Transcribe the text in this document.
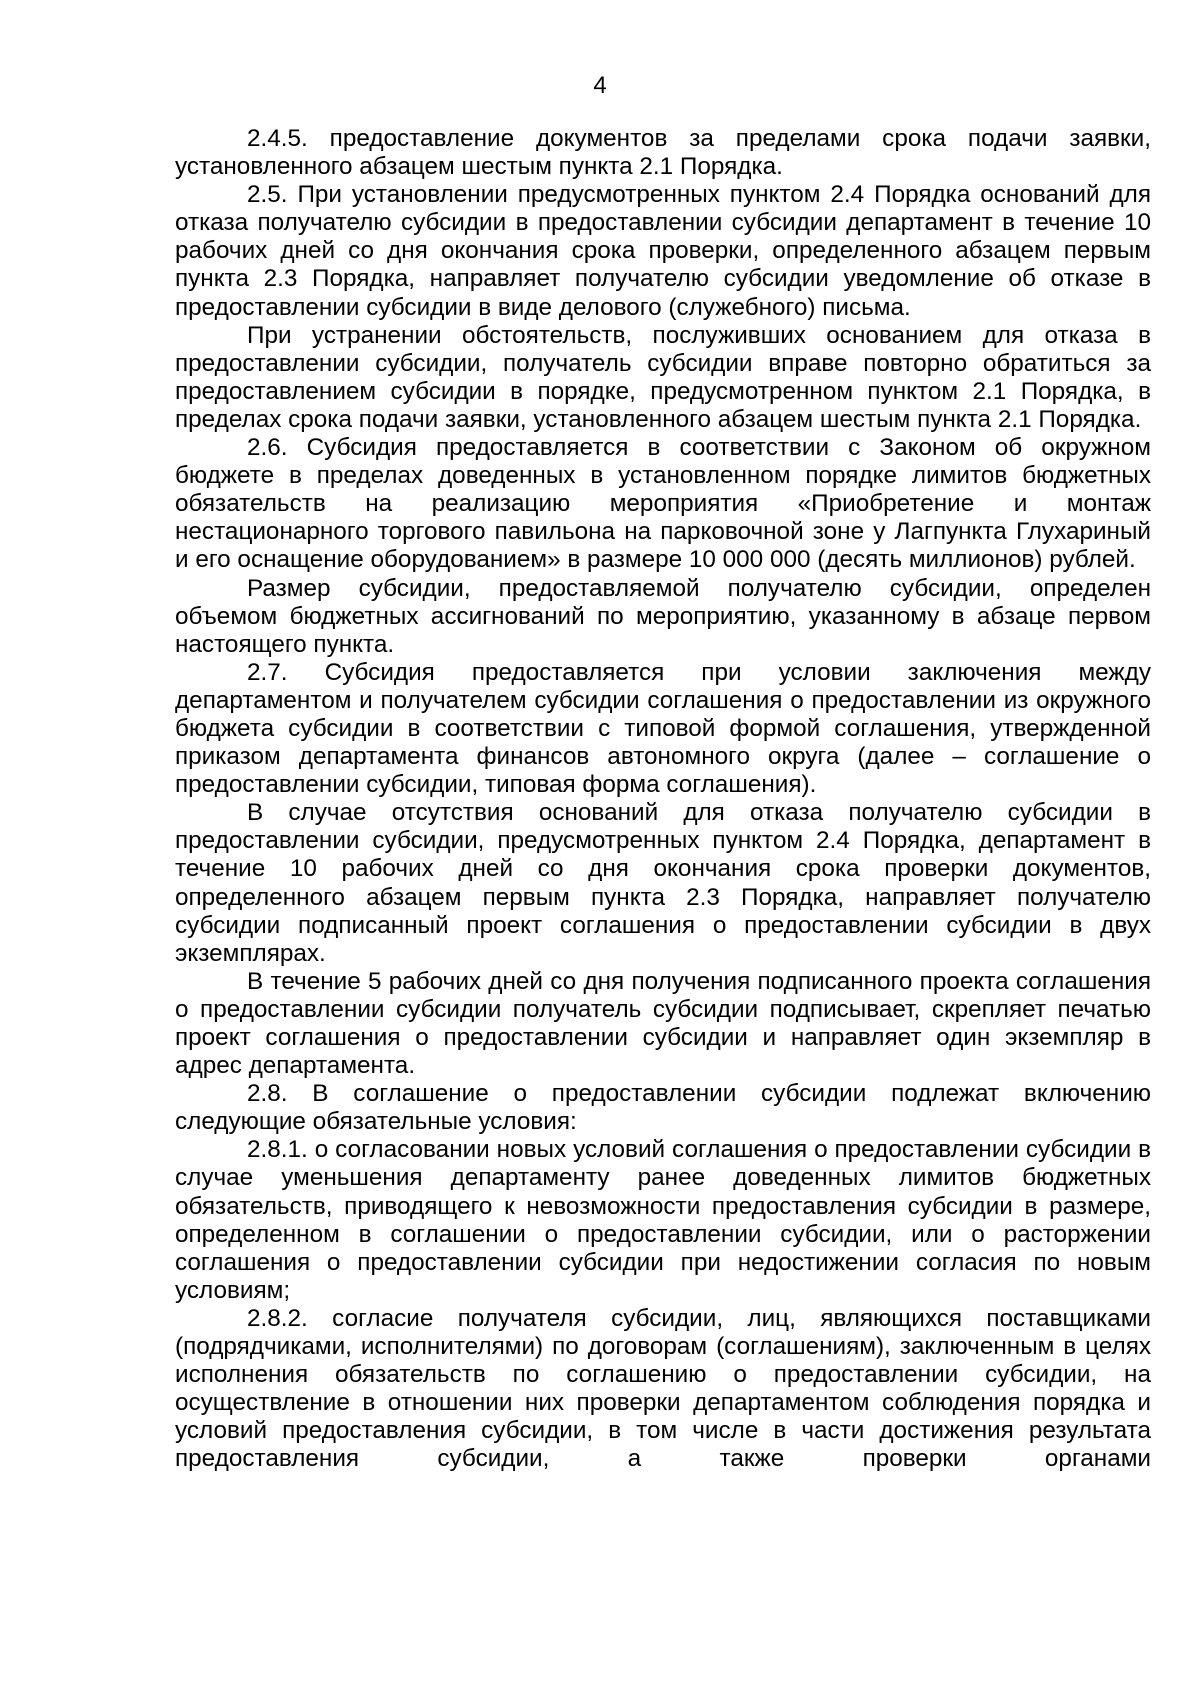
4

2.4.5. предоставление документов за пределами срока подачи заявки, установленного абзацем шестым пункта 2.1 Порядка.

2.5. При установлении предусмотренных пунктом 2.4 Порядка оснований для отказа получателю субсидии в предоставлении субсидии департамент в течение 10 рабочих дней со дня окончания срока проверки, определенного абзацем первым пункта 2.3 Порядка, направляет получателю субсидии уведомление об отказе в предоставлении субсидии в виде делового (служебного) письма.

При устранении обстоятельств, послуживших основанием для отказа в предоставлении субсидии, получатель субсидии вправе повторно обратиться за предоставлением субсидии в порядке, предусмотренном пунктом 2.1 Порядка, в пределах срока подачи заявки, установленного абзацем шестым пункта 2.1 Порядка.

2.6. Субсидия предоставляется в соответствии с Законом об окружном бюджете в пределах доведенных в установленном порядке лимитов бюджетных обязательств на реализацию мероприятия «Приобретение и монтаж нестационарного торгового павильона на парковочной зоне у Лагпункта Глухариный и его оснащение оборудованием» в размере 10 000 000 (десять миллионов) рублей.

Размер субсидии, предоставляемой получателю субсидии, определен объемом бюджетных ассигнований по мероприятию, указанному в абзаце первом настоящего пункта.

2.7. Субсидия предоставляется при условии заключения между департаментом и получателем субсидии соглашения о предоставлении из окружного бюджета субсидии в соответствии с типовой формой соглашения, утвержденной приказом департамента финансов автономного округа (далее – соглашение о предоставлении субсидии, типовая форма соглашения).

В случае отсутствия оснований для отказа получателю субсидии в предоставлении субсидии, предусмотренных пунктом 2.4 Порядка, департамент в течение 10 рабочих дней со дня окончания срока проверки документов, определенного абзацем первым пункта 2.3 Порядка, направляет получателю субсидии подписанный проект соглашения о предоставлении субсидии в двух экземплярах.

В течение 5 рабочих дней со дня получения подписанного проекта соглашения о предоставлении субсидии получатель субсидии подписывает, скрепляет печатью проект соглашения о предоставлении субсидии и направляет один экземпляр в адрес департамента.

2.8. В соглашение о предоставлении субсидии подлежат включению следующие обязательные условия:

2.8.1. о согласовании новых условий соглашения о предоставлении субсидии в случае уменьшения департаменту ранее доведенных лимитов бюджетных обязательств, приводящего к невозможности предоставления субсидии в размере, определенном в соглашении о предоставлении субсидии, или о расторжении соглашения о предоставлении субсидии при недостижении согласия по новым условиям;

2.8.2. согласие получателя субсидии, лиц, являющихся поставщиками (подрядчиками, исполнителями) по договорам (соглашениям), заключенным в целях исполнения обязательств по соглашению о предоставлении субсидии, на осуществление в отношении них проверки департаментом соблюдения порядка и условий предоставления субсидии, в том числе в части достижения результата предоставления субсидии, а также проверки органами
